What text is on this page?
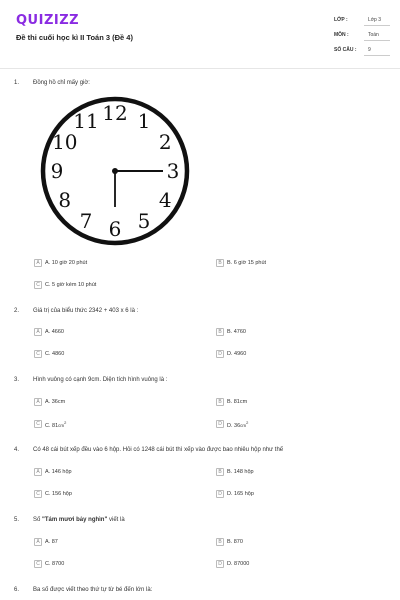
QUIZIZZ
Đề thi cuối học kì II Toán 3 (Đề 4)
LỚP :	Lớp 3
MÔN :	Toán
SỐ CÂU : 9
1. Đồng hồ chỉ mấy giờ:
12 1
2
3
4
5
6
7
8
9
10
11
A A. 10 giờ 20 phút	B B. 6 giờ 15 phút
C C. 5 giờ kém 10 phút
2. Giá trị của biểu thức 2342 + 403 x 6 là :
A A. 4660	B B. 4760
C C. 4860	D D. 4960
3. Hình vuông có cạnh 9cm. Diện tích hình vuông là :
A A. 36cm	B B. 81cm
C C. $81cm^2$	D D. $36cm^2$
4. Có 48 cái bút xếp đều vào 6 hộp. Hỏi có 1248 cái bút thì xếp vào được bao nhiêu hộp như thế
A A. 146 hộp	B B. 148 hộp
C C. 156 hộp	D D. 165 hộp
5. Số "Tám mươi bảy nghìn" viết là
A A. 87	B B. 870
C C. 8700	D D. 87000
6. Ba số được viết theo thứ tự từ bé đến lớn là:
